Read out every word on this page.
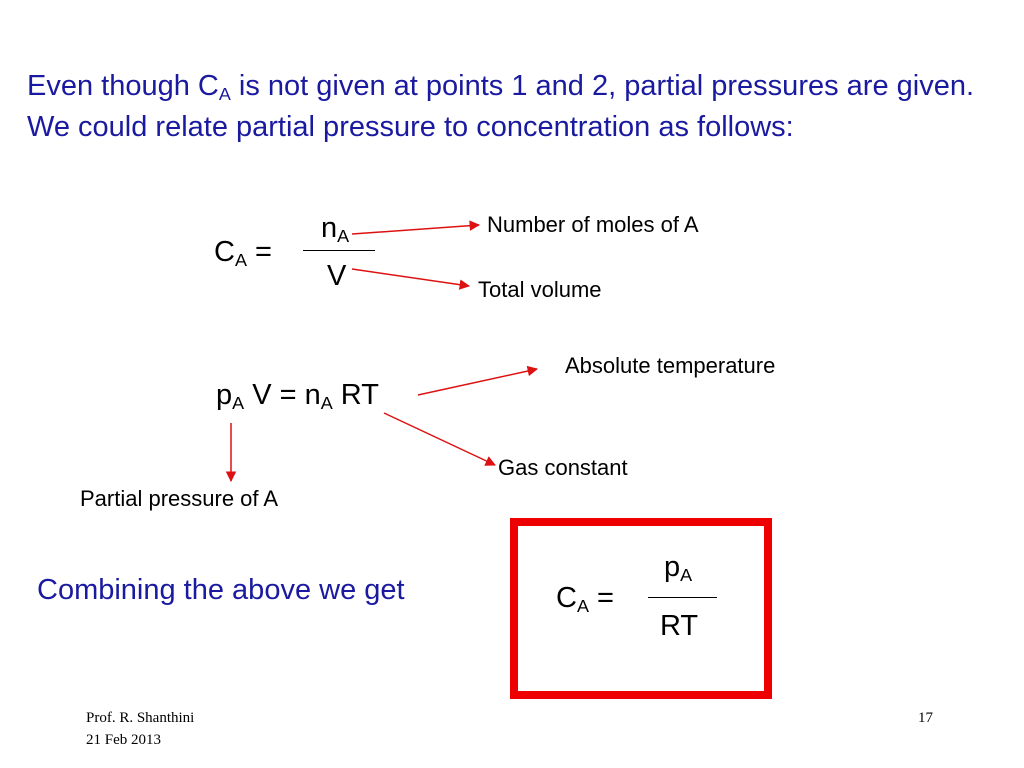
Even though $C_A$ is not given at points 1 and 2, partial pressures are given. We could relate partial pressure to concentration as follows:
$C_A$ =
$n_A$
V
Number of moles of A
Total volume
$p_A$ $V = n_A$ RT
Absolute temperature
Gas constant
Partial pressure of A
Combining the above we get	$C_A$ =
$p_A$
RT
Prof. R. Shanthini
21 Feb 2013
17
